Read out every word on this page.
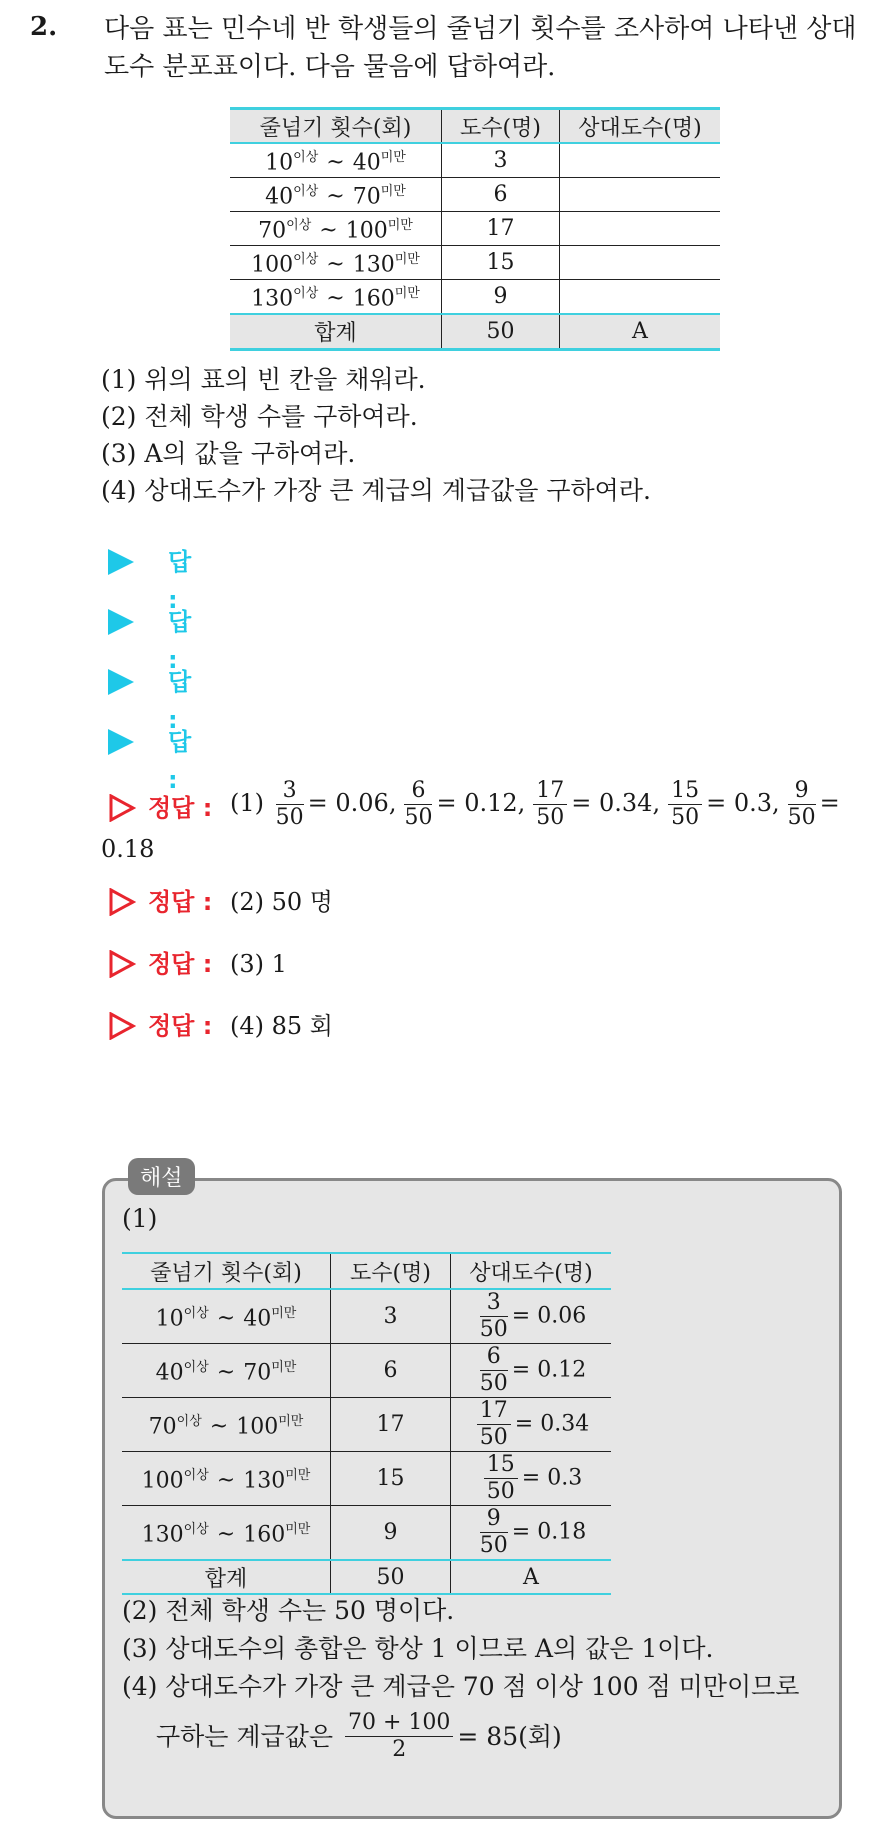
2. 다음 표는 민수네 반 학생들의 줄넘기 횟수를 조사하여 나타낸 상대도수 분포표이다. 다음 물음에 답하여라.
줄넘기 횟수(회)	도수(명)	상대도수(명)
$10^{이상}$ ~ $40^{미만}$	3	
$40^{이상}$ ~ $70^{미만}$	6	
$70^{이상}$ ~ $100^{미만}$	17	
$100^{이상}$ ~ $130^{미만}$	15	
$130^{이상}$ ~ $160^{미만}$	9	
합계	50	A
(1) 위의 표의 빈 칸을 채워라.
(2) 전체 학생 수를 구하여라.
(3) A의 값을 구하여라.
(4) 상대도수가 가장 큰 계급의 계급값을 구하여라.
답 :
답 :
답 :
답 :
정답 : $(1) \frac{3}{50} = 0.06$, $\frac{6}{50} = 0.12$, $\frac{17}{50} = 0.34$, $\frac{15}{50} = 0.3$, $\frac{9}{50}$ =
0.18
정답 : (2) 50 명
정답 : (3) 1
정답 : (4) 85 회
해설
(1)
줄넘기 횟수(회)	도수(명)	상대도수(명)
$10^{이상}$ ~ $40^{미만}$	3	$\frac{3}{50} = 0.06$
$40^{이상}$ ~ $70^{미만}$	6	$\frac{6}{50} = 0.12$
$70^{이상}$ ~ $100^{미만}$	17	$\frac{17}{50} = 0.34$
$100^{이상}$ ~ $130^{미만}$	15	$\frac{15}{50} = 0.3$
$130^{이상}$ ~ $160^{미만}$	9	$\frac{9}{50} = 0.18$
합계	50	A
(2) 전체 학생 수는 50 명이다.
(3) 상대도수의 총합은 항상 1 이므로 A의 값은 1이다.
(4) 상대도수가 가장 큰 계급은 70 점 이상 100 점 미만이므로
구하는 계급값은 $\frac{70 + 100}{2} = 85$(회)
